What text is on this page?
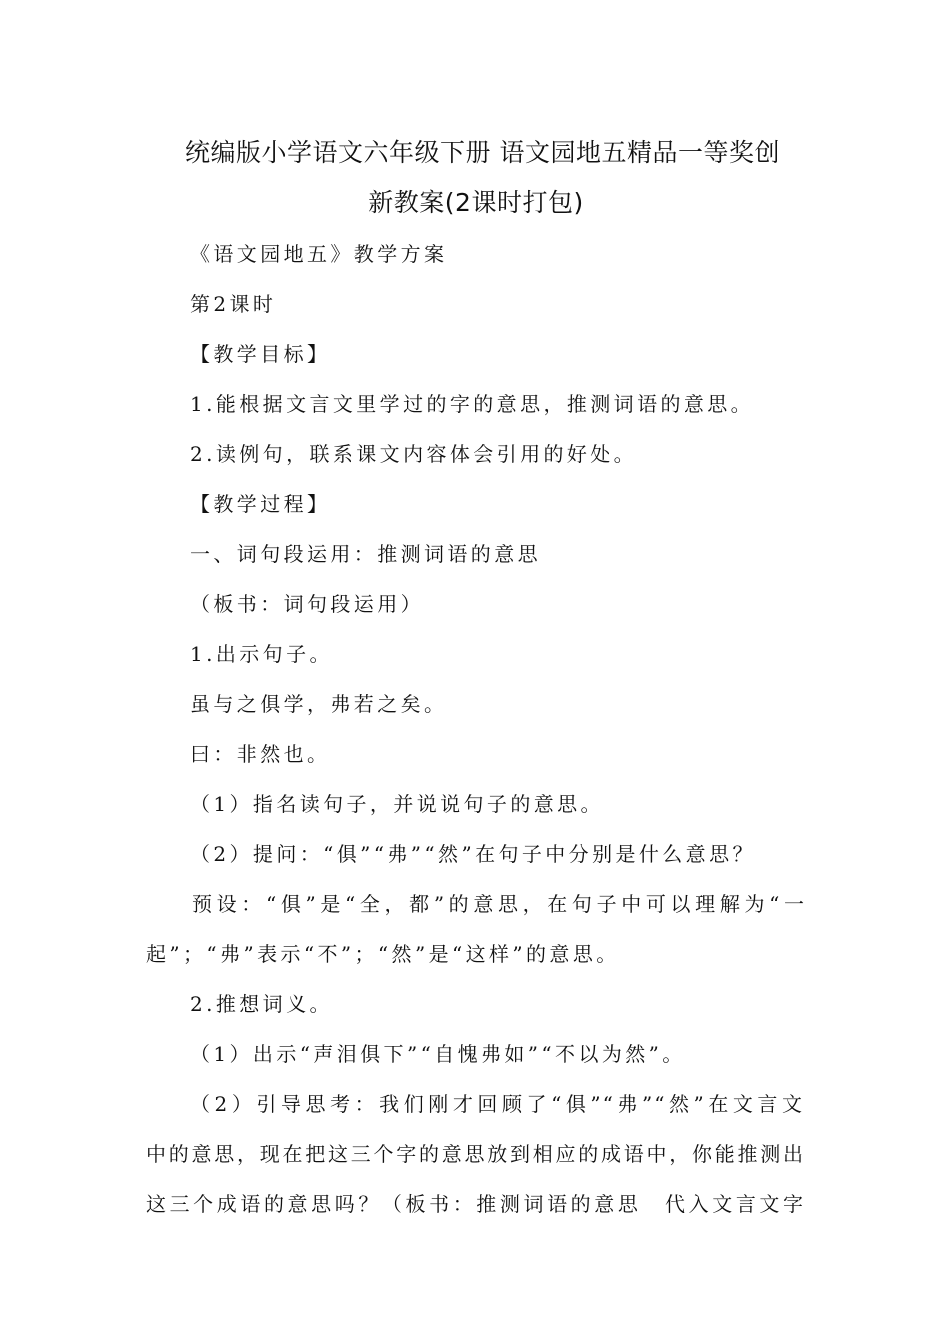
统编版小学语文六年级下册 语文园地五精品一等奖创
新教案(2课时打包)
《语文园地五》教学方案
第2课时
【教学目标】
1.能根据文言文里学过的字的意思，推测词语的意思。
2.读例句，联系课文内容体会引用的好处。
【教学过程】
一、词句段运用：推测词语的意思
（板书：词句段运用）
1.出示句子。
虽与之俱学，弗若之矣。
曰：非然也。
（1）指名读句子，并说说句子的意思。
（2）提问：“俱”“弗”“然”在句子中分别是什么意思？
预设：“俱”是“全，都”的意思，在句子中可以理解为“一
起”；“弗”表示“不”；“然”是“这样”的意思。
2.推想词义。
（1）出示“声泪俱下”“自愧弗如”“不以为然”。
（2）引导思考：我们刚才回顾了“俱”“弗”“然”在文言文
中的意思，现在把这三个字的意思放到相应的成语中，你能推测出
这三个成语的意思吗？（板书：推测词语的意思　代入文言文字
